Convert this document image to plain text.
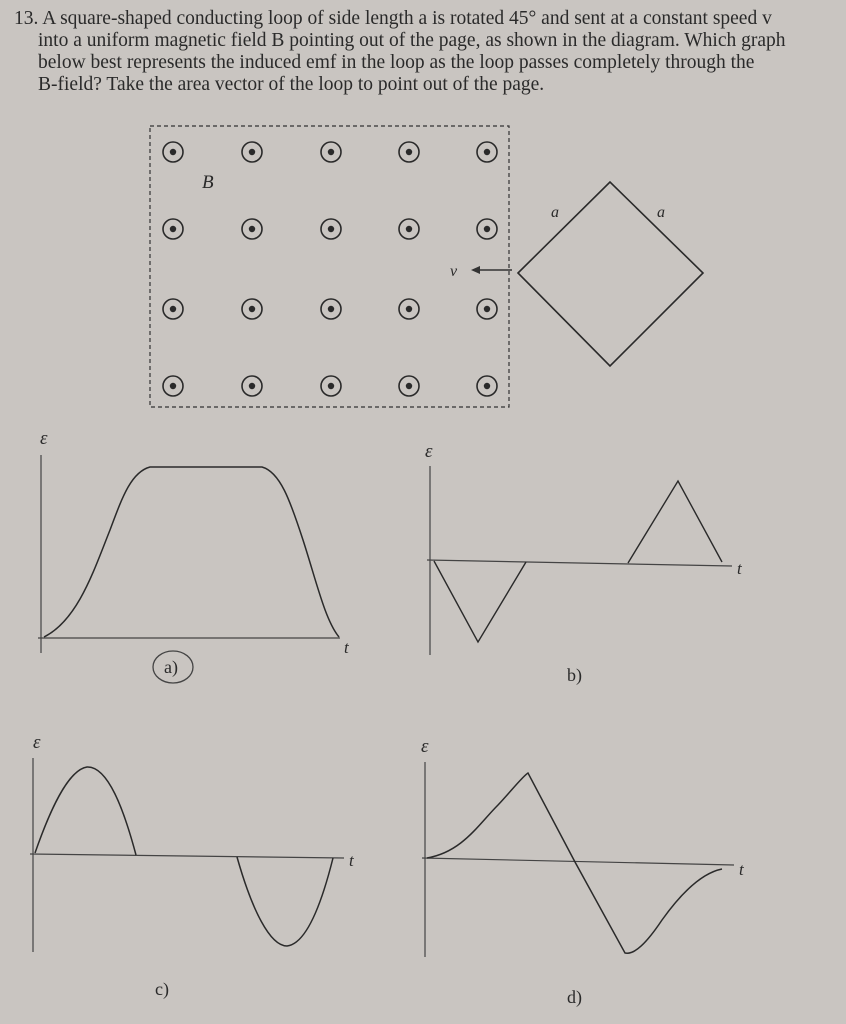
13. A square-shaped conducting loop of side length a is rotated 45° and sent at a constant speed v
into a uniform magnetic field B pointing out of the page, as shown in the diagram. Which graph
below best represents the induced emf in the loop as the loop passes completely through the
B-field? Take the area vector of the loop to point out of the page.
B
v
a	a
ε
t
a)
ε
t
b)
ε
t
c)
ε
t
d)
